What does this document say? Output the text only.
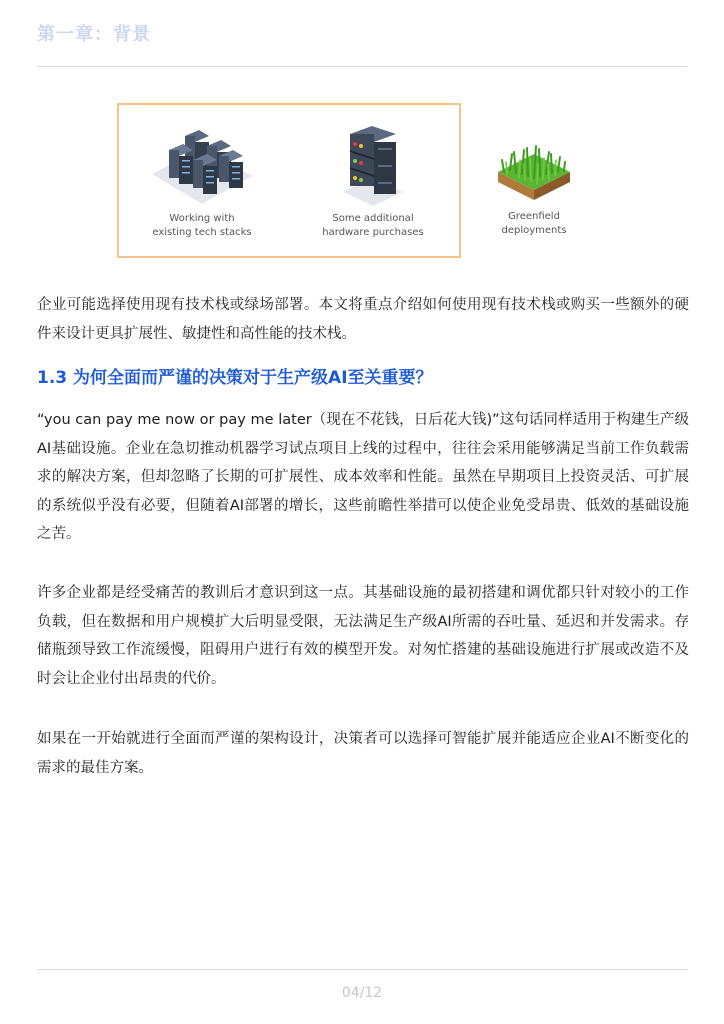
第一章：背景
Working with
existing tech stacks
Some additional
hardware purchases
Greenfield
deployments
企业可能选择使用现有技术栈或绿场部署。本文将重点介绍如何使用现有技术栈或购买一些额外的硬件来设计更具扩展性、敏捷性和高性能的技术栈。
1.3 为何全面而严谨的决策对于生产级AI至关重要？
“you can pay me now or pay me later（现在不花钱，日后花大钱)”这句话同样适用于构建生产级AI基础设施。企业在急切推动机器学习试点项目上线的过程中，往往会采用能够满足当前工作负载需求的解决方案，但却忽略了长期的可扩展性、成本效率和性能。虽然在早期项目上投资灵活、可扩展的系统似乎没有必要，但随着AI部署的增长，这些前瞻性举措可以使企业免受昂贵、低效的基础设施之苦。
许多企业都是经受痛苦的教训后才意识到这一点。其基础设施的最初搭建和调优都只针对较小的工作负载，但在数据和用户规模扩大后明显受限，无法满足生产级AI所需的吞吐量、延迟和并发需求。存储瓶颈导致工作流缓慢，阻碍用户进行有效的模型开发。对匆忙搭建的基础设施进行扩展或改造不及时会让企业付出昂贵的代价。
如果在一开始就进行全面而严谨的架构设计，决策者可以选择可智能扩展并能适应企业AI不断变化的需求的最佳方案。
04/12
